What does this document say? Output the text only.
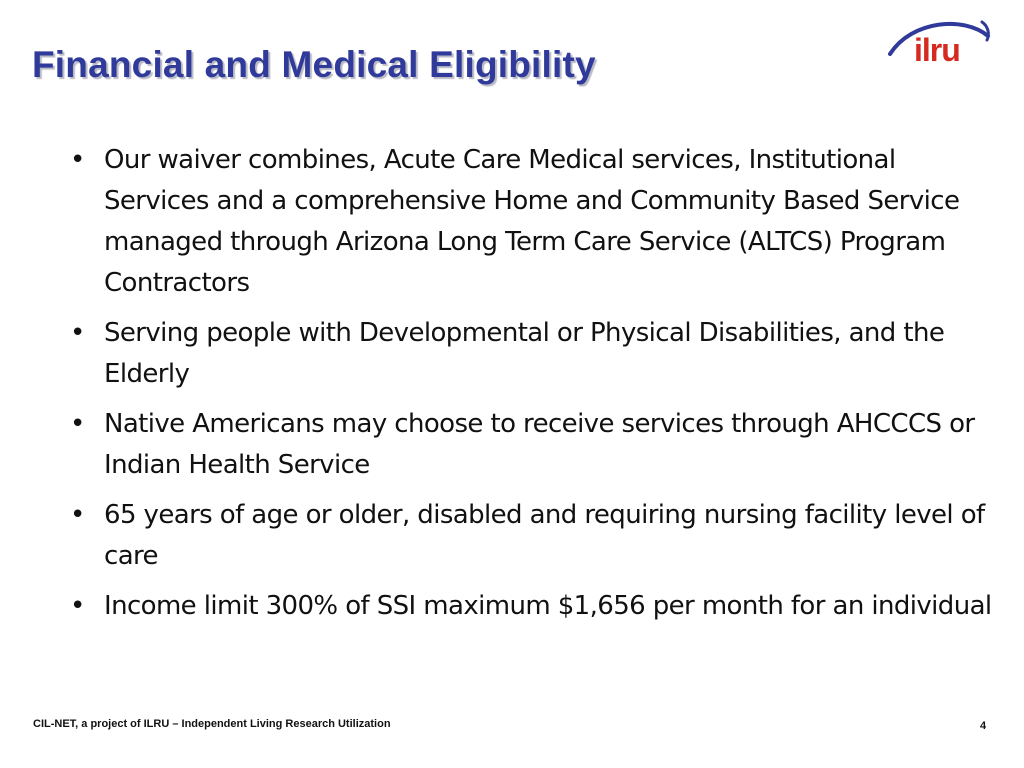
Financial and Medical Eligibility	ilru
• Our waiver combines, Acute Care Medical services, Institutional Services and a comprehensive Home and Community Based Service managed through Arizona Long Term Care Service (ALTCS) Program Contractors
• Serving people with Developmental or Physical Disabilities, and the Elderly
• Native Americans may choose to receive services through AHCCCS or Indian Health Service
• 65 years of age or older, disabled and requiring nursing facility level of care
• Income limit 300% of SSI maximum $1,656 per month for an individual
CIL-NET, a project of ILRU – Independent Living Research Utilization	4
